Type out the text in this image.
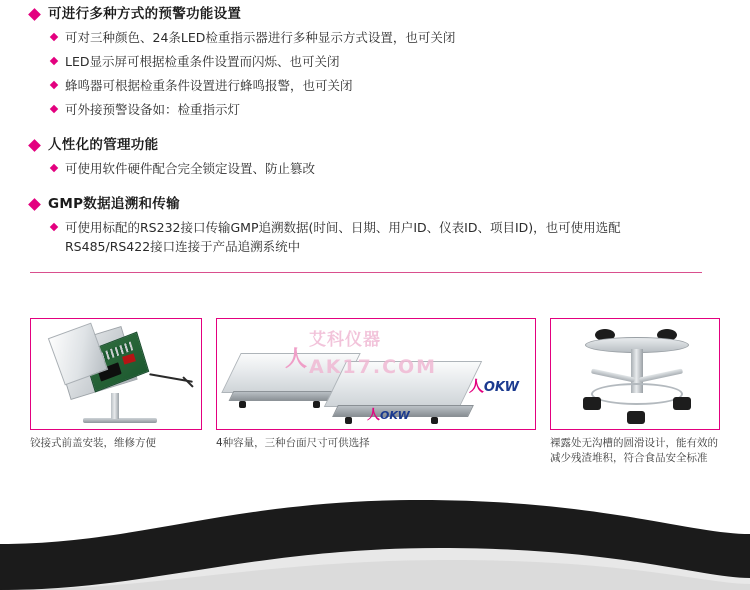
可进行多种方式的预警功能设置
可对三种颜色、24条LED检重指示器进行多种显示方式设置，也可关闭
LED显示屏可根据检重条件设置而闪烁、也可关闭
蜂鸣器可根据检重条件设置进行蜂鸣报警，也可关闭
可外接预警设备如：检重指示灯
人性化的管理功能
可使用软件硬件配合完全锁定设置、防止篡改
GMP数据追溯和传输
可使用标配的RS232接口传输GMP追溯数据(时间、日期、用户ID、仪表ID、项目ID)，也可使用选配RS485/RS422接口连接于产品追溯系统中
铰接式前盖安装，维修方便
人OKW
人OKW
艾科仪器
AK17.COM
人
4种容量，三种台面尺寸可供选择	裸露处无沟槽的圆滑设计，能有效的减少残渣堆积，符合食品安全标准
